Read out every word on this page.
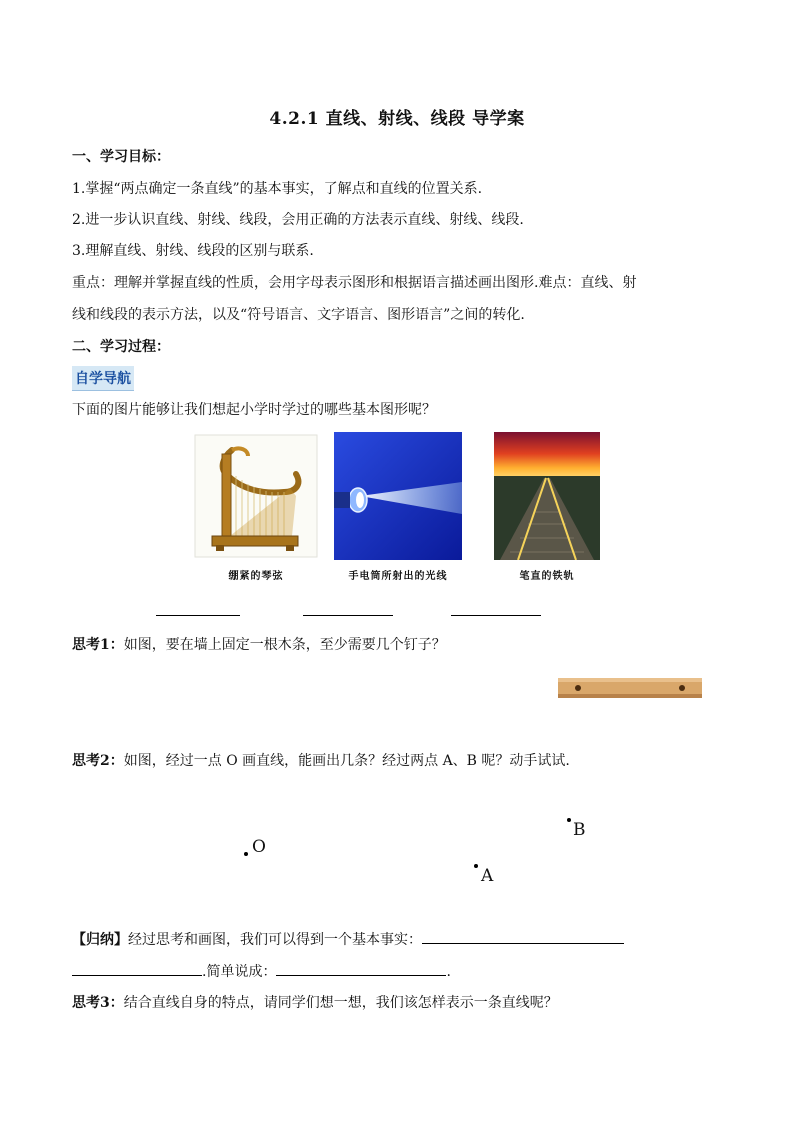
4.2.1 直线、射线、线段 导学案
一、学习目标：
1.掌握“两点确定一条直线”的基本事实，了解点和直线的位置关系.
2.进一步认识直线、射线、线段，会用正确的方法表示直线、射线、线段.
3.理解直线、射线、线段的区别与联系.
重点：理解并掌握直线的性质，会用字母表示图形和根据语言描述画出图形.难点：直线、射
线和线段的表示方法，以及“符号语言、文字语言、图形语言”之间的转化.
二、学习过程：
自学导航
下面的图片能够让我们想起小学时学过的哪些基本图形呢？
绷紧的琴弦	手电筒所射出的光线	笔直的铁轨
思考1：如图，要在墙上固定一根木条，至少需要几个钉子？
思考2：如图，经过一点 O 画直线，能画出几条？经过两点 A、B 呢？动手试试.
O
A
B
【归纳】经过思考和画图，我们可以得到一个基本事实：
.简单说成：	.
思考3：结合直线自身的特点，请同学们想一想，我们该怎样表示一条直线呢？
